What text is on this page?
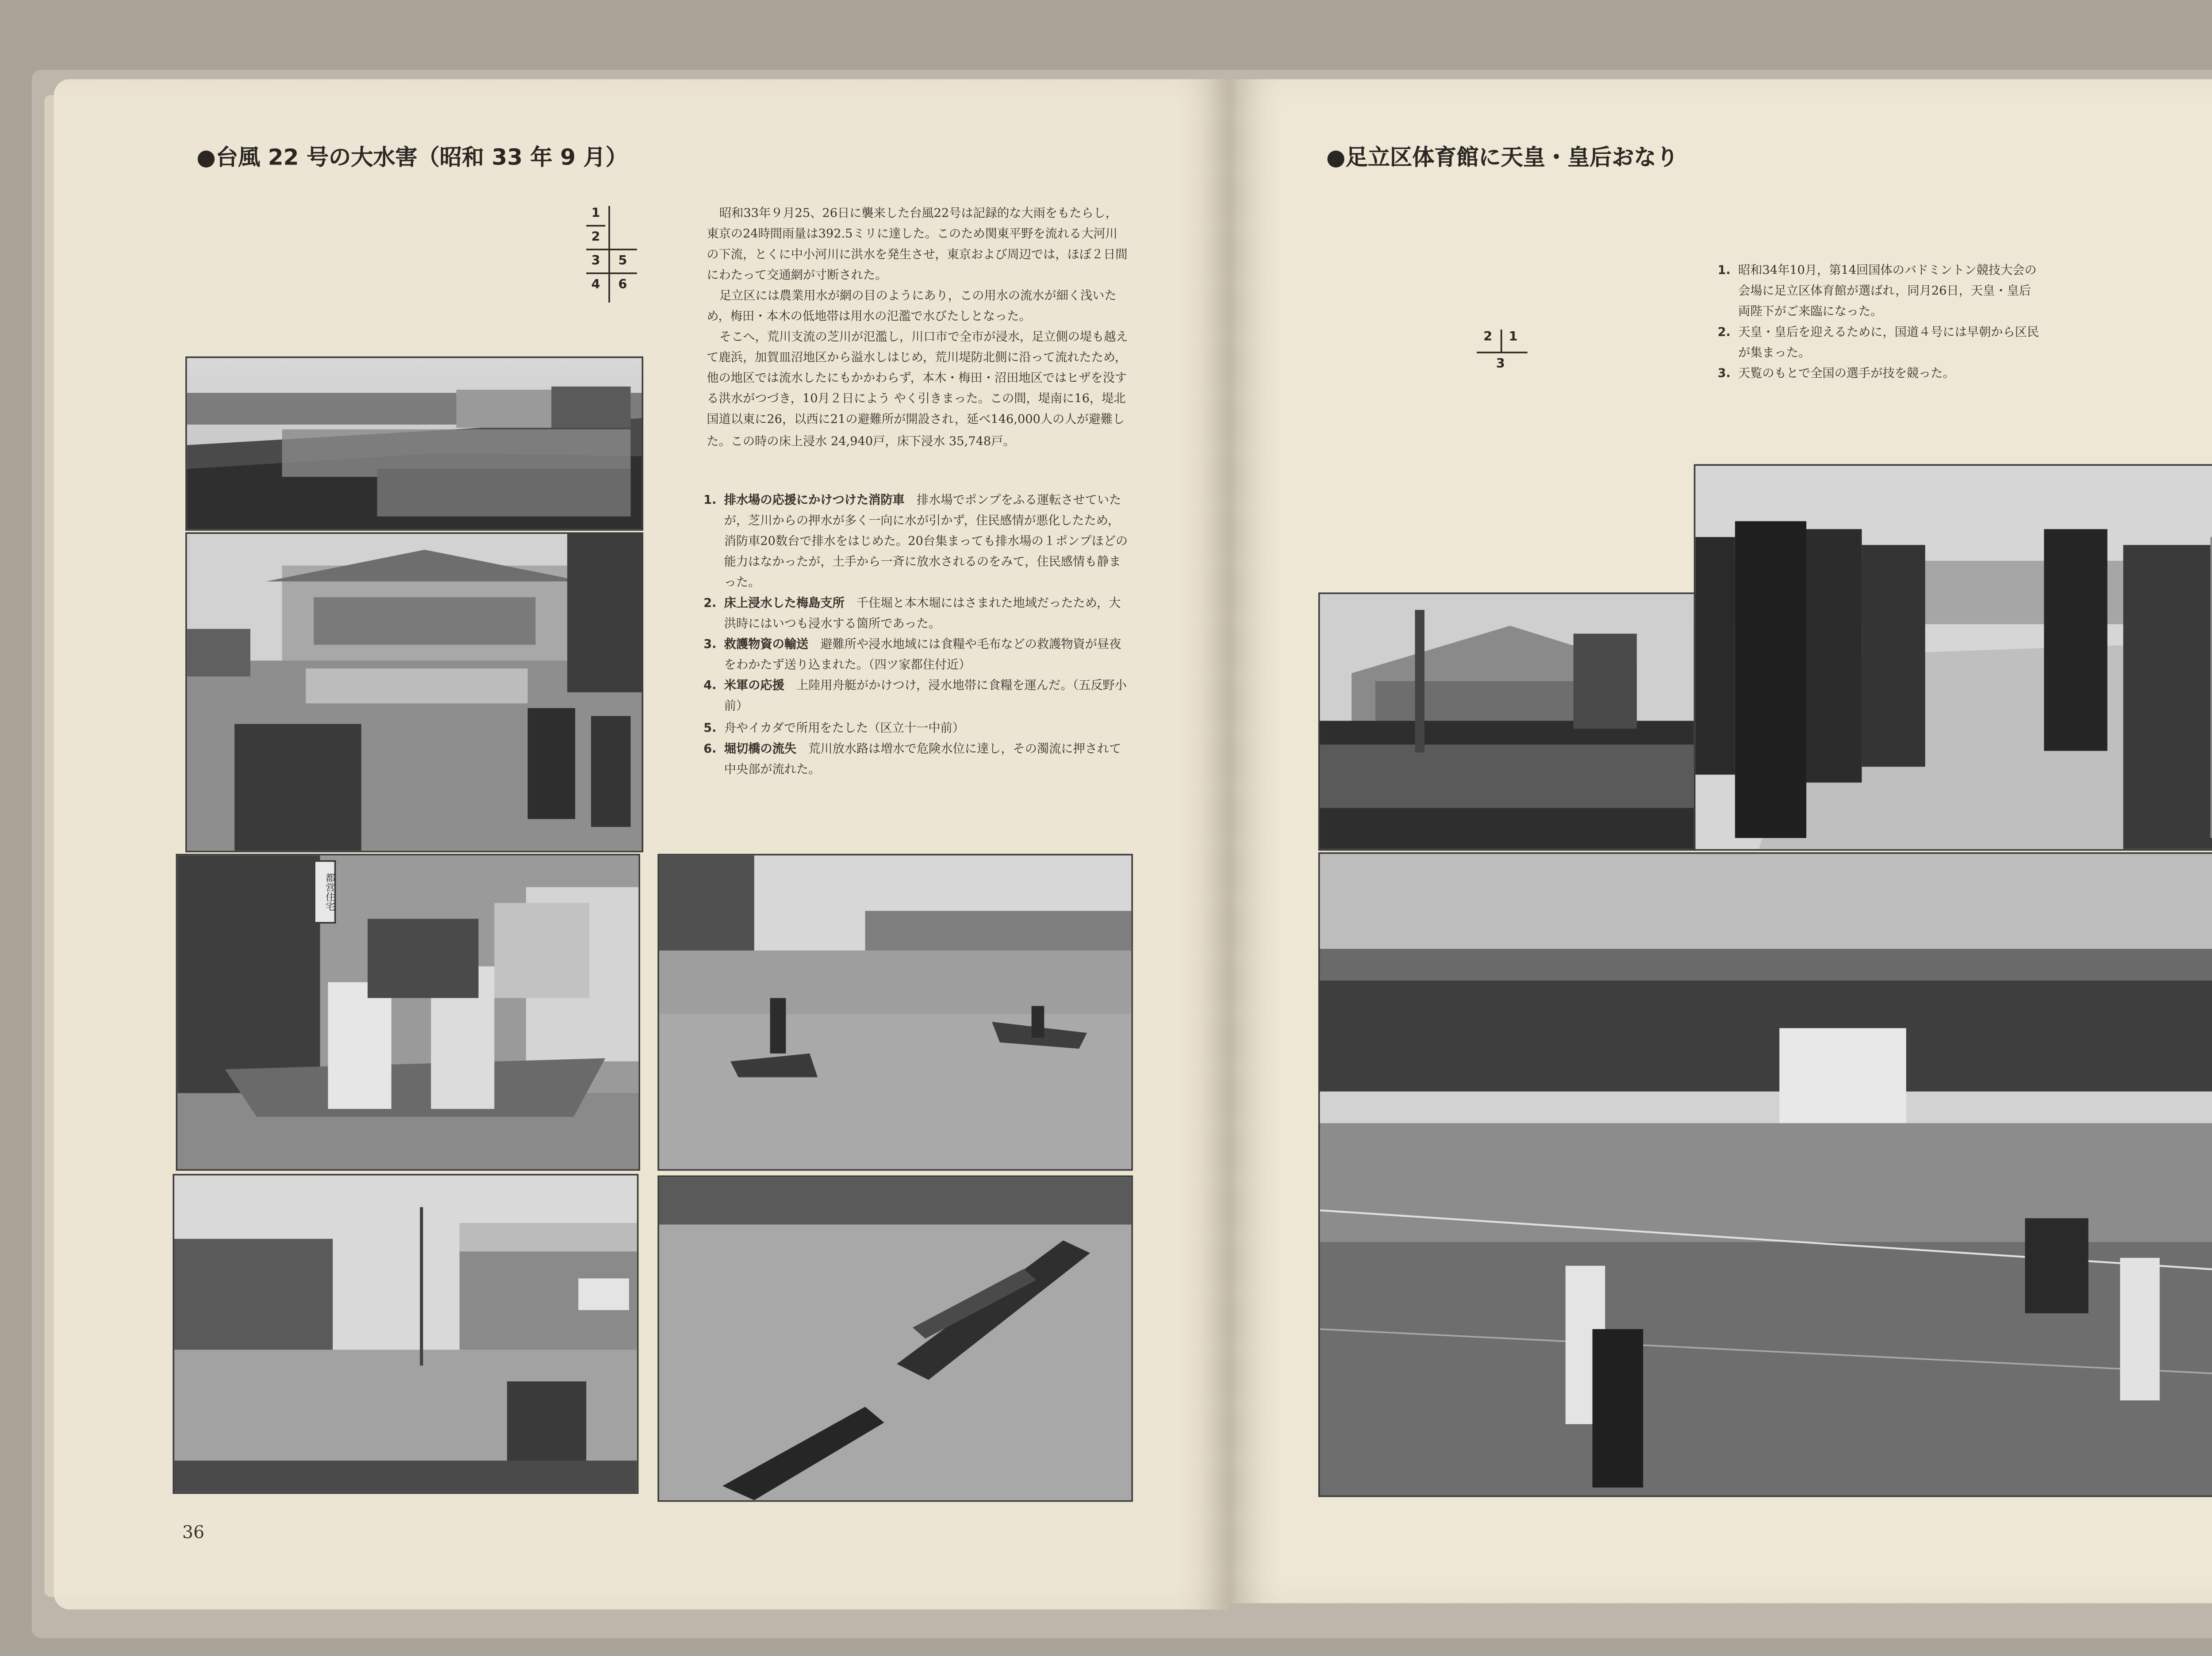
●台風 22 号の大水害（昭和 33 年 9 月）
1
2
3	5
4	6

昭和33年９月25、26日に襲来した台風22号は記録的な大雨をもたらし，東京の24時間雨量は392.5ミリに達した。このため関東平野を流れる大河川の下流，とくに中小河川に洪水を発生させ，東京および周辺では，ほぼ２日間にわたって交通網が寸断された。

足立区には農業用水が網の目のようにあり，この用水の流水が細く浅いため，梅田・本木の低地帯は用水の氾濫で水びたしとなった。

そこへ，荒川支流の芝川が氾濫し，川口市で全市が浸水，足立側の堤も越えて鹿浜，加賀皿沼地区から溢水しはじめ，荒川堤防北側に沿って流れたため，他の地区では流水したにもかかわらず，本木・梅田・沼田地区ではヒザを没する洪水がつづき，10月２日によう やく引きまった。この間，堤南に16，堤北国道以東に26，以西に21の避難所が開設され，延べ146,000人の人が避難した。この時の床上浸水 24,940戸，床下浸水 35,748戸。

1.	排水場の応援にかけつけた消防車　	排水場でポンプをふる運転させていたが，芝川からの押水が多く一向に水が引かず，住民感情が悪化したため，消防車20数台で排水をはじめた。20台集まっても排水場の１ポンプほどの能力はなかったが，土手から一斉に放水されるのをみて，住民感情も静まった。
2.	床上浸水した梅島支所　	千住堀と本木堀にはさまれた地域だったため，大洪時にはいつも浸水する箇所であった。
3.	救護物資の輸送　	避難所や浸水地域には食糧や毛布などの救護物資が昼夜をわかたず送り込まれた。（四ツ家都住付近）
4.	米軍の応援　	上陸用舟艇がかけつけ，浸水地帯に食糧を運んだ。（五反野小前）
5.	舟やイカダで所用をたした（区立十一中前）
6.	堀切橋の流失　	荒川放水路は増水で危険水位に達し，その濁流に押されて中央部が流れた。
都営住宅
36
●足立区体育館に天皇・皇后おなり
2	1
3
1.	昭和34年10月，第14回国体のバドミントン競技大会の会場に足立区体育館が選ばれ，同月26日，天皇・皇后両陛下がご来臨になった。
2.	天皇・皇后を迎えるために，国道４号には早朝から区民が集まった。
3.	天覧のもとで全国の選手が技を競った。
